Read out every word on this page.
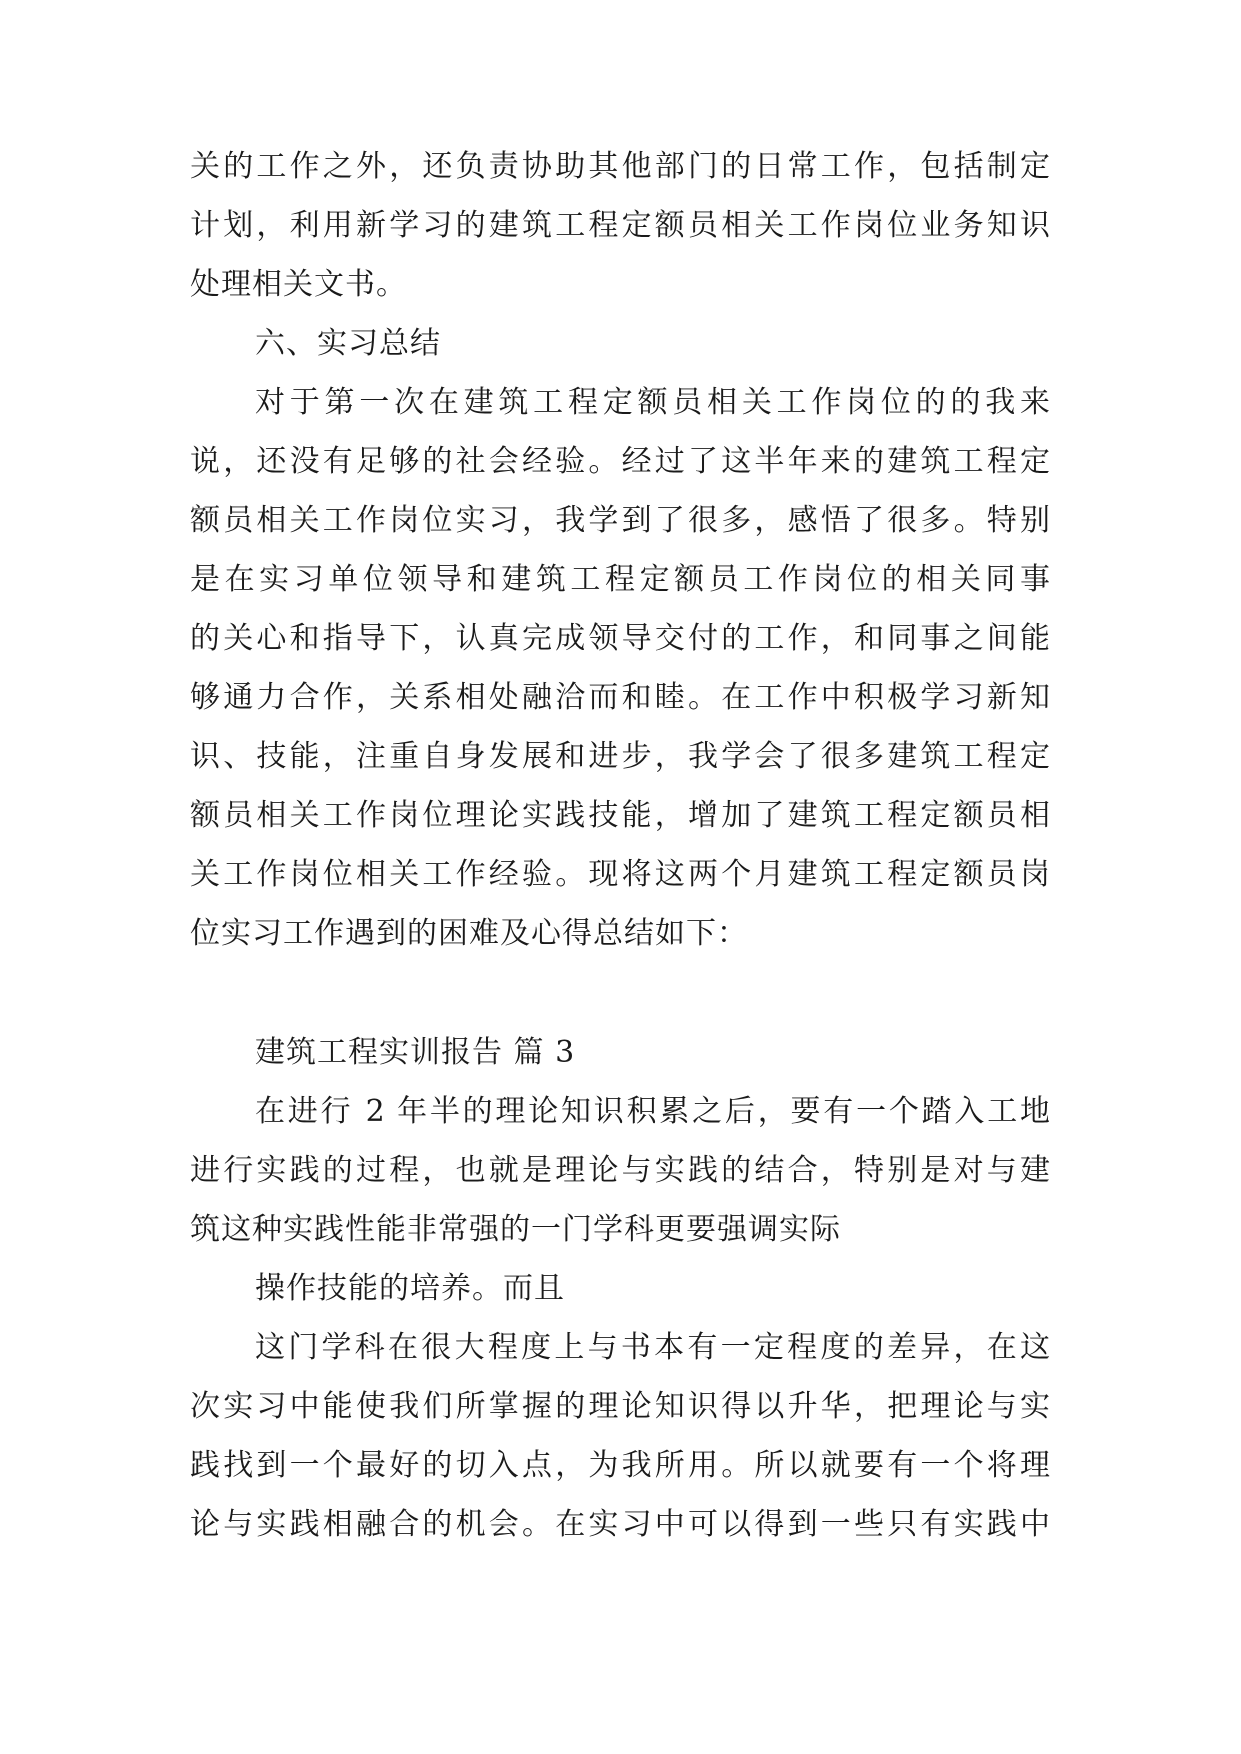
关的工作之外，还负责协助其他部门的日常工作，包括制定
计划，利用新学习的建筑工程定额员相关工作岗位业务知识
处理相关文书。
六、实习总结
对于第一次在建筑工程定额员相关工作岗位的的我来
说，还没有足够的社会经验。经过了这半年来的建筑工程定
额员相关工作岗位实习，我学到了很多，感悟了很多。特别
是在实习单位领导和建筑工程定额员工作岗位的相关同事
的关心和指导下，认真完成领导交付的工作，和同事之间能
够通力合作，关系相处融洽而和睦。在工作中积极学习新知
识、技能，注重自身发展和进步，我学会了很多建筑工程定
额员相关工作岗位理论实践技能，增加了建筑工程定额员相
关工作岗位相关工作经验。现将这两个月建筑工程定额员岗
位实习工作遇到的困难及心得总结如下：
建筑工程实训报告 篇 3
在进行 2 年半的理论知识积累之后，要有一个踏入工地
进行实践的过程，也就是理论与实践的结合，特别是对与建
筑这种实践性能非常强的一门学科更要强调实际
操作技能的培养。而且
这门学科在很大程度上与书本有一定程度的差异，在这
次实习中能使我们所掌握的理论知识得以升华，把理论与实
践找到一个最好的切入点，为我所用。所以就要有一个将理
论与实践相融合的机会。在实习中可以得到一些只有实践中
